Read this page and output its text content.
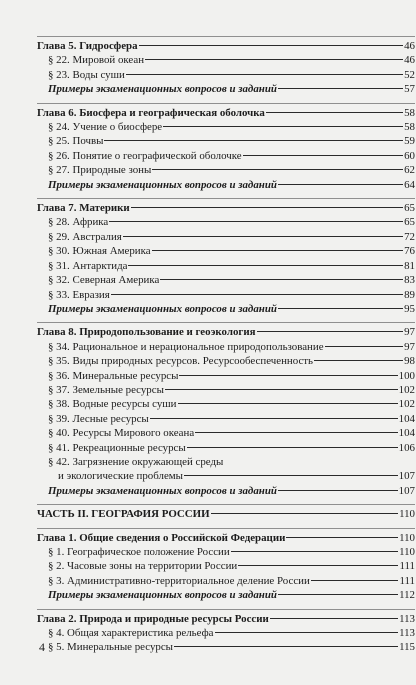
Глава 5. Гидросфера	46
§ 22. Мировой океан	46
§ 23. Воды суши	52
Примеры экзаменационных вопросов и заданий	57
Глава 6. Биосфера и географическая оболочка	58
§ 24. Учение о биосфере	58
§ 25. Почвы	59
§ 26. Понятие о географической оболочке	60
§ 27. Природные зоны	62
Примеры экзаменационных вопросов и заданий	64
Глава 7. Материки	65
§ 28. Африка	65
§ 29. Австралия	72
§ 30. Южная Америка	76
§ 31. Антарктида	81
§ 32. Северная Америка	83
§ 33. Евразия	89
Примеры экзаменационных вопросов и заданий	95
Глава 8. Природопользование и геоэкология	97
§ 34. Рациональное и нерациональное природопользование	97
§ 35. Виды природных ресурсов. Ресурсообеспеченность	98
§ 36. Минеральные ресурсы	100
§ 37. Земельные ресурсы	102
§ 38. Водные ресурсы суши	102
§ 39. Лесные ресурсы	104
§ 40. Ресурсы Мирового океана	104
§ 41. Рекреационные ресурсы	106
§ 42. Загрязнение окружающей среды
и экологические проблемы	107
Примеры экзаменационных вопросов и заданий	107
ЧАСТЬ II. ГЕОГРАФИЯ РОССИИ	110
Глава 1. Общие сведения о Российской Федерации	110
§ 1. Географическое положение России	110
§ 2. Часовые зоны на территории России	111
§ 3. Административно-территориальное деление России	111
Примеры экзаменационных вопросов и заданий	112
Глава 2. Природа и природные ресурсы России	113
§ 4. Общая характеристика рельефа	113
§ 5. Минеральные ресурсы	115
4
